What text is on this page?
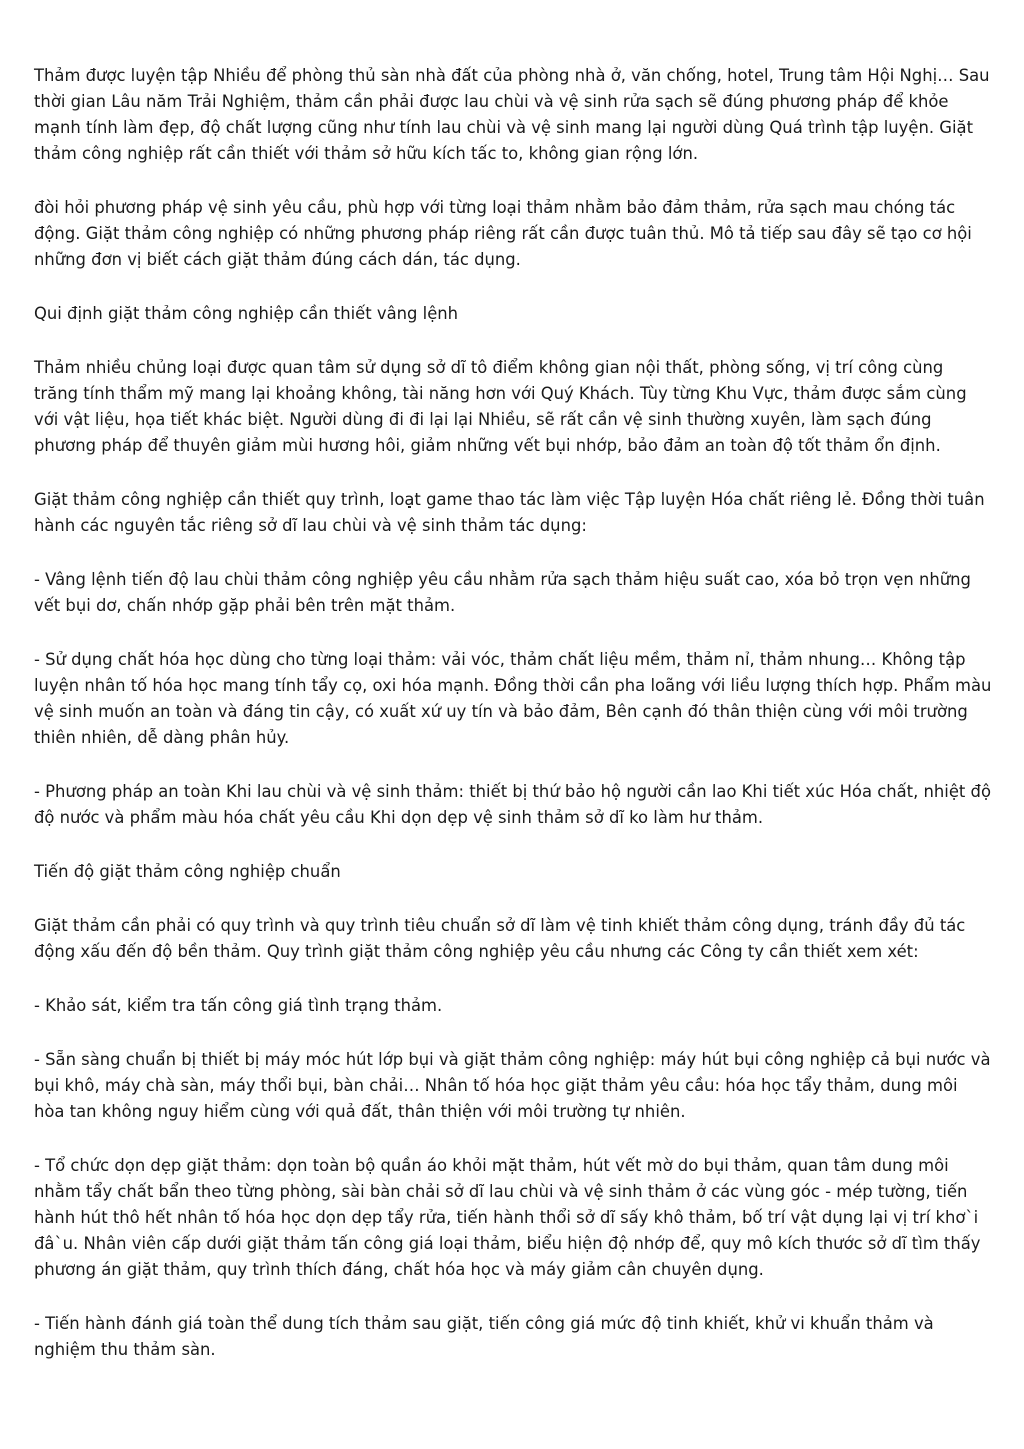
Thảm được luyện tập Nhiều để phòng thủ sàn nhà đất của phòng nhà ở, văn chống, hotel, Trung tâm Hội Nghị… Sau thời gian Lâu năm Trải Nghiệm, thảm cần phải được lau chùi và vệ sinh rửa sạch sẽ đúng phương pháp để khỏe mạnh tính làm đẹp, độ chất lượng cũng như tính lau chùi và vệ sinh mang lại người dùng Quá trình tập luyện. Giặt thảm công nghiệp rất cần thiết với thảm sở hữu kích tấc to, không gian rộng lớn.

đòi hỏi phương pháp vệ sinh yêu cầu, phù hợp với từng loại thảm nhằm bảo đảm thảm, rửa sạch mau chóng tác động. Giặt thảm công nghiệp có những phương pháp riêng rất cần được tuân thủ. Mô tả tiếp sau đây sẽ tạo cơ hội những đơn vị biết cách giặt thảm đúng cách dán, tác dụng.

Qui định giặt thảm công nghiệp cần thiết vâng lệnh

Thảm nhiều chủng loại được quan tâm sử dụng sở dĩ tô điểm không gian nội thất, phòng sống, vị trí công cùng trăng tính thẩm mỹ mang lại khoảng không, tài năng hơn với Quý Khách. Tùy từng Khu Vực, thảm được sắm cùng với vật liệu, họa tiết khác biệt. Người dùng đi đi lại lại Nhiều, sẽ rất cần vệ sinh thường xuyên, làm sạch đúng phương pháp để thuyên giảm mùi hương hôi, giảm những vết bụi nhớp, bảo đảm an toàn độ tốt thảm ổn định.

Giặt thảm công nghiệp cần thiết quy trình, loạ̣t game thao tác làm việc Tập luyện Hóa chất riêng lẻ. Đồng thời tuân hành các nguyên tắc riêng sở dĩ lau chùi và vệ sinh thảm tác dụng:

- Vâng lệnh tiến độ lau chùi thảm công nghiệp yêu cầu nhằm rửa sạch thảm hiệu suất cao, xóa bỏ trọn vẹn những vết bụi dơ, chấn nhớp gặp phải bên trên mặt thảm.

- Sử dụng chất hóa học dùng cho từng loại thảm: vải vóc, thảm chất liệu mềm, thảm nỉ, thảm nhung… Không tập luyện nhân tố hóa học mang tính tẩy cọ, oxi hóa mạnh. Đồng thời cần pha loãng với liều lượng thích hợp. Phẩm màu vệ sinh muốn an toàn và đáng tin cậy, có xuất xứ uy tín và bảo đảm, Bên cạnh đó thân thiện cùng với môi trường thiên nhiên, dễ dàng phân hủy.

- Phương pháp an toàn Khi lau chùi và vệ sinh thảm: thiết bị thứ bảo hộ người cần lao Khi tiết xúc Hóa chất, nhiệt độ độ nước và phẩm màu hóa chất yêu cầu Khi dọn dẹp vệ sinh thảm sở dĩ ko làm hư thảm.

Tiến độ giặt thảm công nghiệp chuẩn

Giặt thảm cần phải có quy trình và quy trình tiêu chuẩn sở dĩ làm vệ tinh khiết thảm công dụng, tránh đầy đủ tác động xấu đến độ bền thảm. Quy trình giặt thảm công nghiệp yêu cầu nhưng các Công ty cần thiết xem xét:

- Khảo sát, kiểm tra tấn công giá tình trạng thảm.

- Sẵn sàng chuẩn bị thiết bị máy móc hút lớp bụi và giặt thảm công nghiệp: máy hút bụi công nghiệp cả bụi nước và bụi khô, máy chà sàn, máy thổi bụi, bàn chải… Nhân tố hóa học giặt thảm yêu cầu: hóa học tẩy thảm, dung môi hòa tan không nguy hiểm cùng với quả đất, thân thiện với môi trường tự nhiên.

- Tổ chức dọn dẹp giặt thảm: dọn toàn bộ quần áo khỏi mặt thảm, hút vết mờ do bụi thảm, quan tâm dung môi nhằm tẩy chất bẩn theo từng phòng, sài bàn chải sở dĩ lau chùi và vệ sinh thảm ở các vùng góc - mép tường, tiến hành hút thô hết nhân tố hóa học dọn dẹp tẩy rửa, tiến hành thổi sở dĩ sấy khô thảm, bố trí vật dụng lại vị trí khơ`i đâ`u. Nhân viên cấp dưới giặt thảm tấn công giá loại thảm, biểu hiện độ nhớp để, quy mô kích thước sở dĩ tìm thấy phương án giặt thảm, quy trình thích đáng, chất hóa học và máy giảm cân chuyên dụng.

- Tiến hành đánh giá toàn thể dung tích thảm sau giặt, tiến công giá mức độ tinh khiết, khử vi khuẩn thảm và nghiệm thu thảm sàn.
